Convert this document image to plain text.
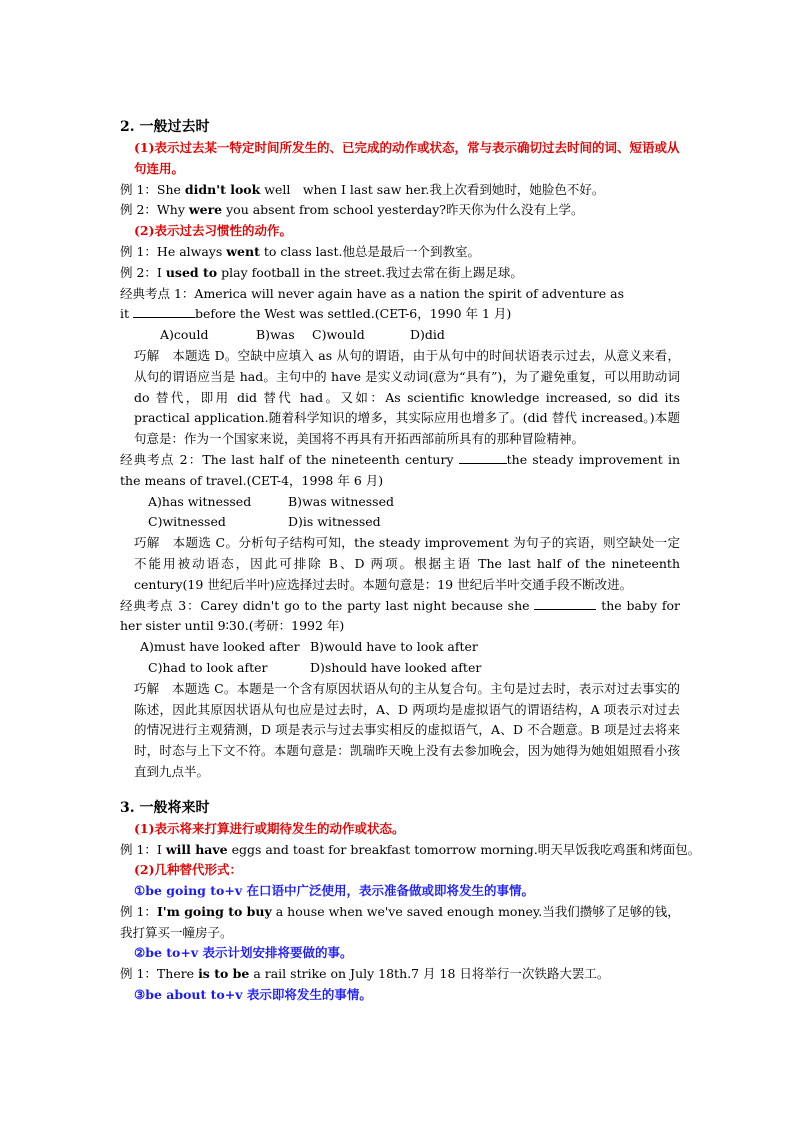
2. 一般过去时
(1)表示过去某一特定时间所发生的、已完成的动作或状态，常与表示确切过去时间的词、短语或从句连用。
例 1：She didn't look well　when I last saw her.我上次看到她时，她脸色不好。
例 2：Why were you absent from school yesterday?昨天你为什么没有上学。
(2)表示过去习惯性的动作。
例 1：He always went to class last.他总是最后一个到教室。
例 2：I used to play football in the street.我过去常在街上踢足球。
经典考点 1：America will never again have as a nation the spirit of adventure as
it	before the West was settled.(CET-6，1990 年 1 月)
A)could	B)was C)would	D)did
巧解　本题选 D。空缺中应填入 as 从句的谓语，由于从句中的时间状语表示过去，从意义来看，从句的谓语应当是 had。主句中的 have 是实义动词(意为“具有”)，为了避免重复，可以用助动词 do 替代，即用 did 替代 had。又如：As scientific knowledge increased, so did its practical application.随着科学知识的增多，其实际应用也增多了。(did 替代 increased。)本题句意是：作为一个国家来说，美国将不再具有开拓西部前所具有的那种冒险精神。
经典考点 2：The last half of the nineteenth century	the steady improvement in the means of travel.(CET-4，1998 年 6 月)
A)has witnessed	B)was witnessed
C)witnessed	D)is witnessed
巧解　本题选 C。分析句子结构可知，the steady improvement 为句子的宾语，则空缺处一定不能用被动语态，因此可排除 B、D 两项。根据主语 The last half of the nineteenth century(19 世纪后半叶)应选择过去时。本题句意是：19 世纪后半叶交通手段不断改进。
经典考点 3：Carey didn't go to the party last night because she	the baby for her sister until 9∶30.(考研：1992 年)
A)must have looked after B)would have to look after
C)had to look after	D)should have looked after
巧解　本题选 C。本题是一个含有原因状语从句的主从复合句。主句是过去时，表示对过去事实的陈述，因此其原因状语从句也应是过去时，A、D 两项均是虚拟语气的谓语结构，A 项表示对过去的情况进行主观猜测，D 项是表示与过去事实相反的虚拟语气，A、D 不合题意。B 项是过去将来时，时态与上下文不符。本题句意是：凯瑞昨天晚上没有去参加晚会，因为她得为她姐姐照看小孩直到九点半。
3. 一般将来时
(1)表示将来打算进行或期待发生的动作或状态。
例 1：I will have eggs and toast for breakfast tomorrow morning.明天早饭我吃鸡蛋和烤面包。
(2)几种替代形式：
①be going to+v 在口语中广泛使用，表示准备做或即将发生的事情。
例 1：I'm going to buy a house when we've saved enough money.当我们攒够了足够的钱，我打算买一幢房子。
②be to+v 表示计划安排将要做的事。
例 1：There is to be a rail strike on July 18th.7 月 18 日将举行一次铁路大罢工。
③be about to+v 表示即将发生的事情。
